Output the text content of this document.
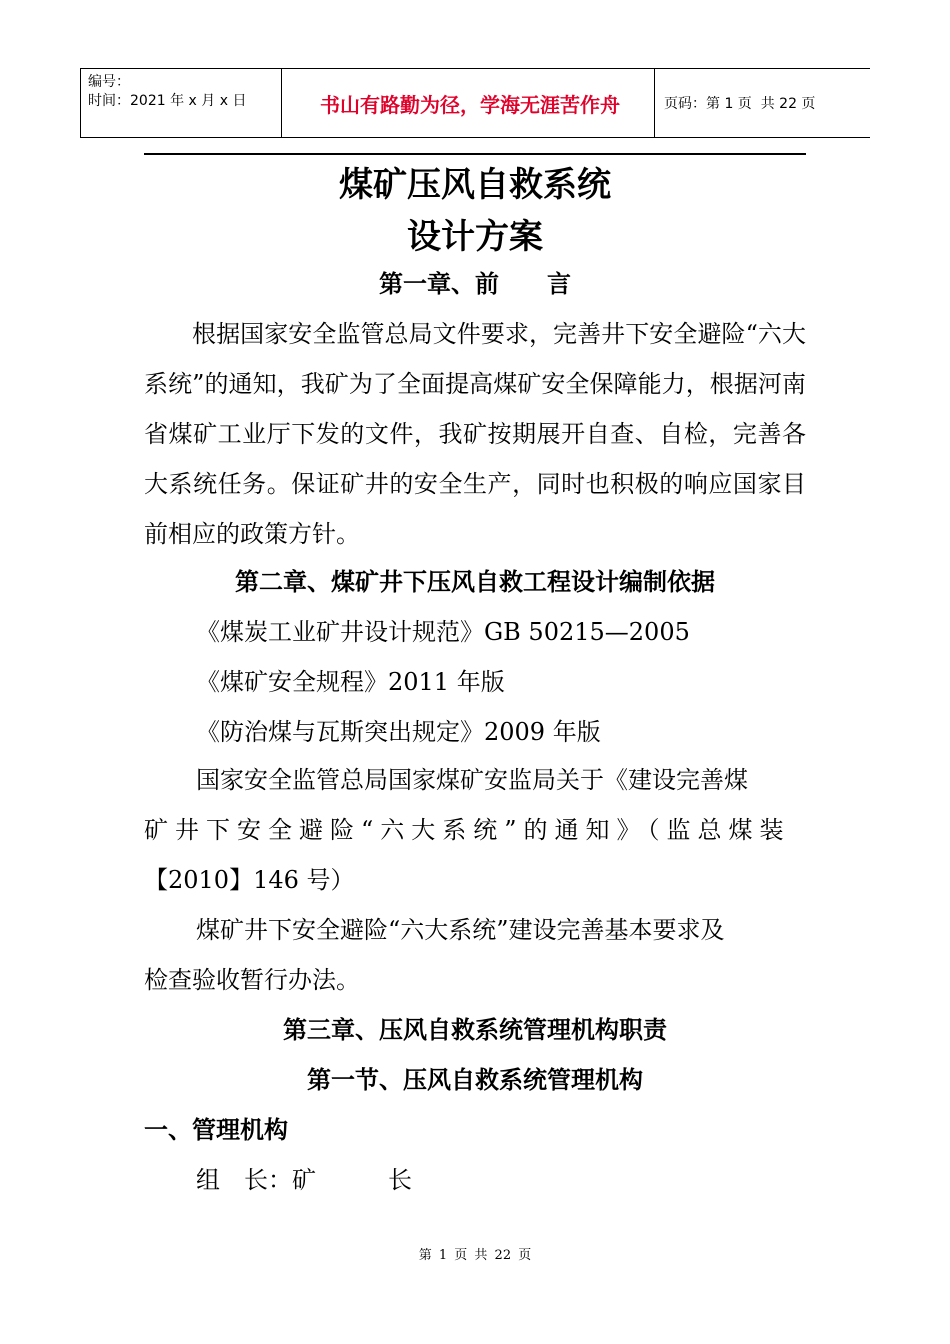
编号：
时间：2021 年 x 月 x 日	书山有路勤为径，学海无涯苦作舟	页码：第 1 页  共 22 页
煤矿压风自救系统
设计方案
第一章、前　　言
根据国家安全监管总局文件要求，完善井下安全避险“六大系统”的通知，我矿为了全面提高煤矿安全保障能力，根据河南省煤矿工业厅下发的文件，我矿按期展开自查、自检，完善各大系统任务。保证矿井的安全生产，同时也积极的响应国家目前相应的政策方针。
第二章、煤矿井下压风自救工程设计编制依据
《煤炭工业矿井设计规范》GB 50215—2005
《煤矿安全规程》2011 年版
《防治煤与瓦斯突出规定》2009 年版
国家安全监管总局国家煤矿安监局关于《建设完善煤
矿井下安全避险“六大系统”的通知》（监总煤装
【2010】146 号）
煤矿井下安全避险“六大系统”建设完善基本要求及
检查验收暂行办法。
第三章、压风自救系统管理机构职责
第一节、压风自救系统管理机构
一、管理机构
组　长：矿　　　长
第 1 页 共 22 页
